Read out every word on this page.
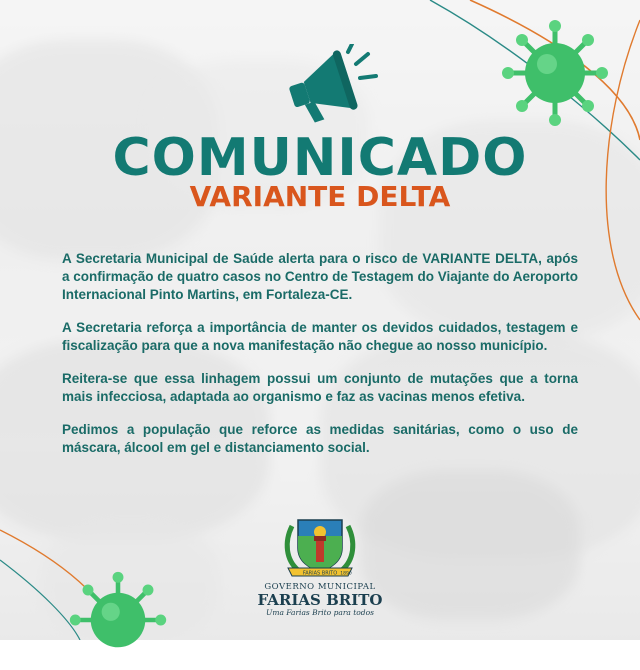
COMUNICADO
VARIANTE DELTA

A Secretaria Municipal de Saúde alerta para o risco de VARIANTE DELTA, após a confirmação de quatro casos no Centro de Testagem do Viajante do Aeroporto Internacional Pinto Martins, em Fortaleza-CE.

A Secretaria reforça a importância de manter os devidos cuidados, testagem e fiscalização para que a nova manifestação não chegue ao nosso município.

Reitera-se que essa linhagem possui um conjunto de mutações que a torna mais infecciosa, adaptada ao organismo e faz as vacinas menos efetiva.

Pedimos a população que reforce as medidas sanitárias, como o uso de máscara, álcool em gel e distanciamento social.

FARIAS BRITO 1890
GOVERNO MUNICIPAL
FARIAS BRITO
Uma Farias Brito para todos
